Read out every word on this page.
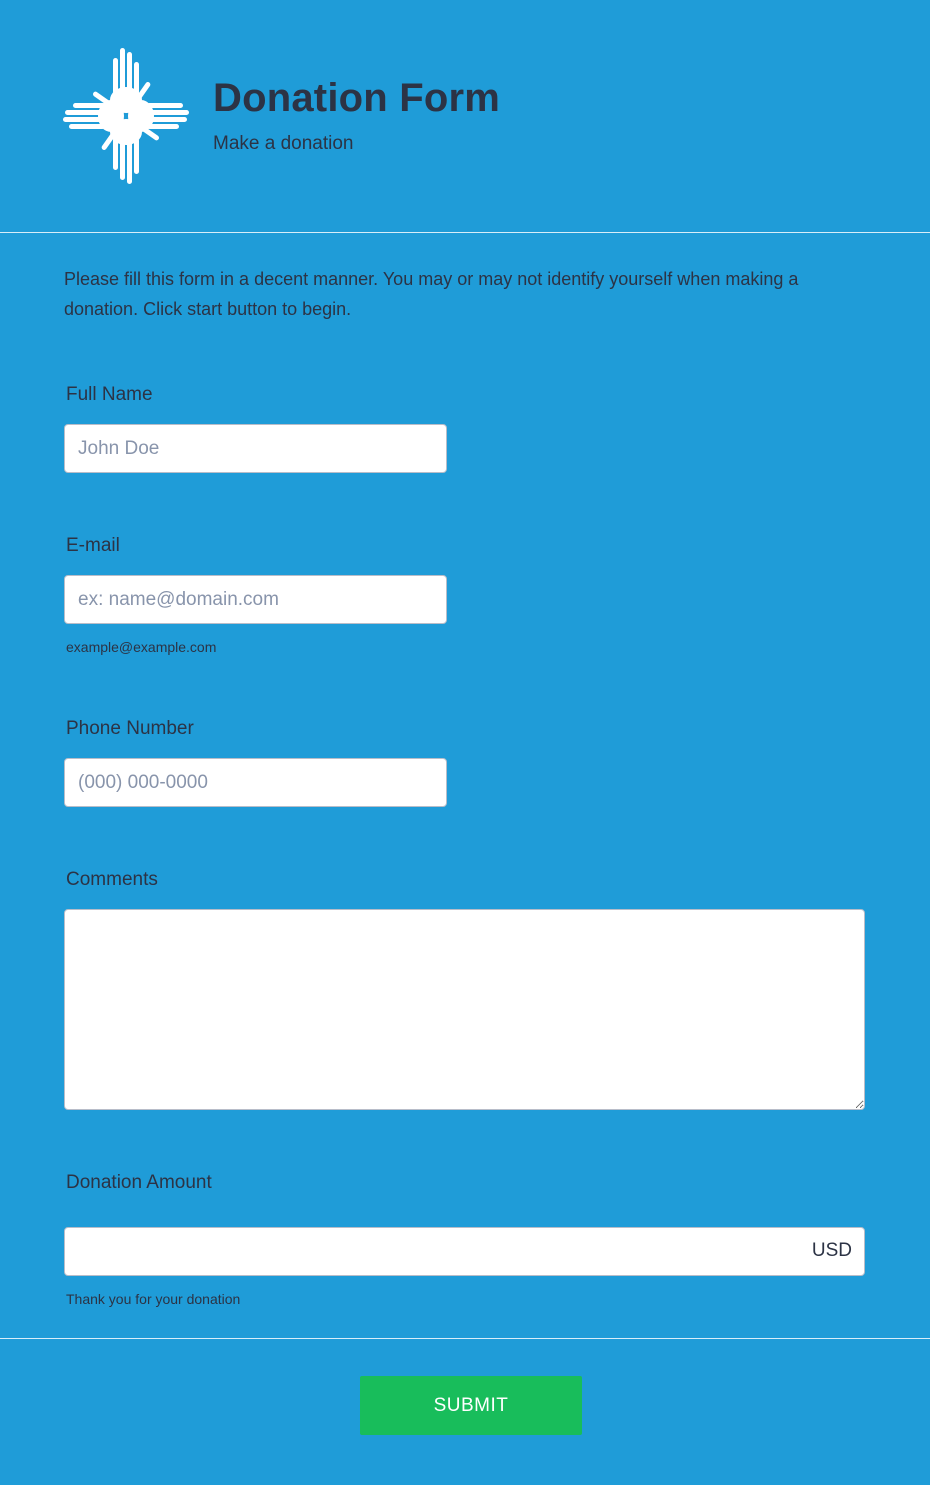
Donation Form
Make a donation
Please fill this form in a decent manner. You may or may not identify yourself when making a donation. Click start button to begin.
Full Name
John Doe
E-mail
ex: name@domain.com
example@example.com
Phone Number
(000) 000-0000
Comments
Donation Amount
USD
Thank you for your donation
SUBMIT
